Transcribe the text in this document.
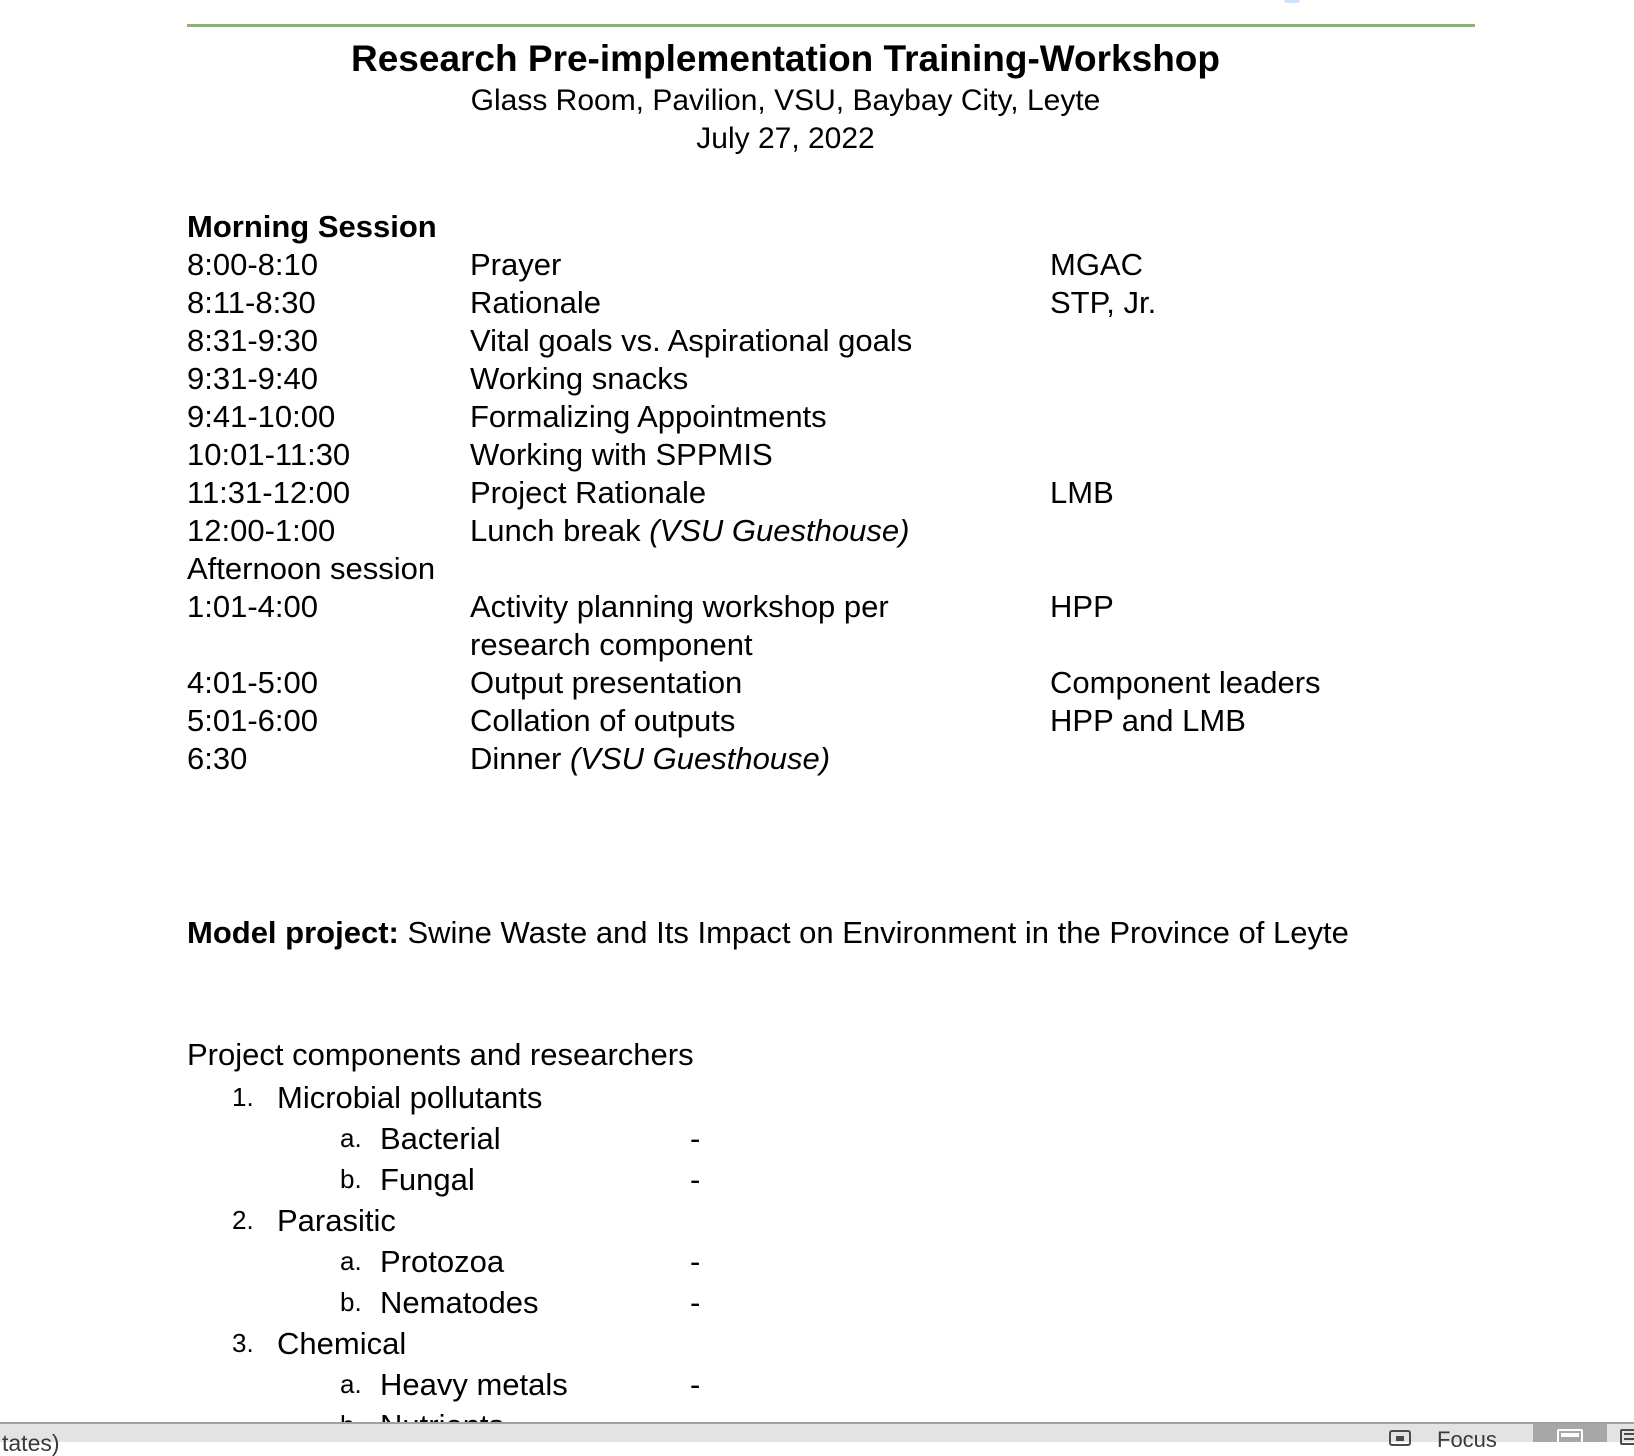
Research Pre-implementation Training-Workshop
Glass Room, Pavilion, VSU, Baybay City, Leyte
July 27, 2022
Morning Session
8:00-8:10	Prayer	MGAC
8:11-8:30	Rationale	STP, Jr.
8:31-9:30	Vital goals vs. Aspirational goals
9:31-9:40	Working snacks
9:41-10:00	Formalizing Appointments
10:01-11:30	Working with SPPMIS
11:31-12:00	Project Rationale	LMB
12:00-1:00	Lunch break (VSU Guesthouse)
Afternoon session
1:01-4:00	Activity planning workshop per	HPP
research component
4:01-5:00	Output presentation	Component leaders
5:01-6:00	Collation of outputs	HPP and LMB
6:30	Dinner (VSU Guesthouse)
Model project: Swine Waste and Its Impact on Environment in the Province of Leyte
Project components and researchers
1. Microbial pollutants
a. Bacterial	-
b. Fungal	-
2. Parasitic
a. Protozoa	-
b. Nematodes	-
3. Chemical
a. Heavy metals	-
tates)	Focus
